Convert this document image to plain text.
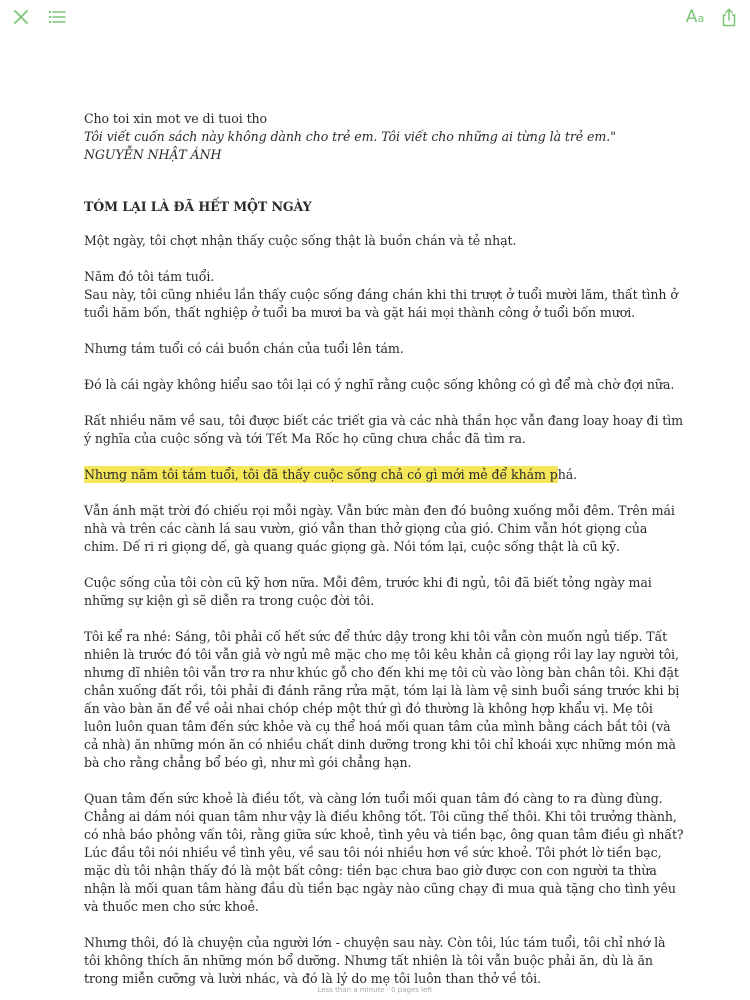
Aa

Cho toi xin mot ve di tuoi tho
Tôi viết cuốn sách này không dành cho trẻ em. Tôi viết cho những ai từng là trẻ em."
NGUYỄN NHẬT ÁNH

TÓM LẠI LÀ ĐÃ HẾT MỘT NGÀY

Một ngày, tôi chợt nhận thấy cuộc sống thật là buồn chán và tẻ nhạt.

Năm đó tôi tám tuổi.

Sau này, tôi cũng nhiều lần thấy cuộc sống đáng chán khi thi trượt ở tuổi mười lăm, thất tình ở tuổi hăm bốn, thất nghiệp ở tuổi ba mươi ba và gặt hái mọi thành công ở tuổi bốn mươi.

Nhưng tám tuổi có cái buồn chán của tuổi lên tám.

Đó là cái ngày không hiểu sao tôi lại có ý nghĩ rằng cuộc sống không có gì để mà chờ đợi nữa.

Rất nhiều năm về sau, tôi được biết các triết gia và các nhà thần học vẫn đang loay hoay đi tìm ý nghĩa của cuộc sống và tới Tết Ma Rốc họ cũng chưa chắc đã tìm ra.

Nhưng năm tôi tám tuổi, tôi đã thấy cuộc sống chả có gì mới mẻ để khám phá.

Vẫn ánh mặt trời đó chiếu rọi mỗi ngày. Vẫn bức màn đen đó buông xuống mỗi đêm. Trên mái nhà và trên các cành lá sau vườn, gió vẫn than thở giọng của gió. Chim vẫn hót giọng của chim. Dế ri ri giọng dế, gà quang quác giọng gà. Nói tóm lại, cuộc sống thật là cũ kỹ.

Cuộc sống của tôi còn cũ kỹ hơn nữa. Mỗi đêm, trước khi đi ngủ, tôi đã biết tỏng ngày mai những sự kiện gì sẽ diễn ra trong cuộc đời tôi.

Tôi kể ra nhé: Sáng, tôi phải cố hết sức để thức dậy trong khi tôi vẫn còn muốn ngủ tiếp. Tất nhiên là trước đó tôi vẫn giả vờ ngủ mê mặc cho mẹ tôi kêu khản cả giọng rồi lay lay người tôi, nhưng dĩ nhiên tôi vẫn trơ ra như khúc gỗ cho đến khi mẹ tôi cù vào lòng bàn chân tôi. Khi đặt chân xuống đất rồi, tôi phải đi đánh răng rửa mặt, tóm lại là làm vệ sinh buổi sáng trước khi bị ấn vào bàn ăn để về oải nhai chóp chép một thứ gì đó thường là không hợp khẩu vị. Mẹ tôi luôn luôn quan tâm đến sức khỏe và cụ thể hoá mối quan tâm của mình bằng cách bắt tôi (và cả nhà) ăn những món ăn có nhiều chất dinh dưỡng trong khi tôi chỉ khoái xực những món mà bà cho rằng chẳng bổ béo gì, như mì gói chẳng hạn.

Quan tâm đến sức khoẻ là điều tốt, và càng lớn tuổi mối quan tâm đó càng to ra đùng đùng. Chẳng ai dám nói quan tâm như vậy là điều không tốt. Tôi cũng thế thôi. Khi tôi trưởng thành, có nhà báo phỏng vấn tôi, rằng giữa sức khoẻ, tình yêu và tiền bạc, ông quan tâm điều gì nhất? Lúc đầu tôi nói nhiều về tình yêu, về sau tôi nói nhiều hơn về sức khoẻ. Tôi phớt lờ tiền bạc, mặc dù tôi nhận thấy đó là một bất công: tiền bạc chưa bao giờ được con con người ta thừa nhận là mối quan tâm hàng đầu dù tiền bạc ngày nào cũng chạy đi mua quà tặng cho tình yêu và thuốc men cho sức khoẻ.

Nhưng thôi, đó là chuyện của người lớn - chuyện sau này. Còn tôi, lúc tám tuổi, tôi chỉ nhớ là tôi không thích ăn những món bổ dưỡng. Nhưng tất nhiên là tôi vẫn buộc phải ăn, dù là ăn trong miễn cưỡng và lười nhác, và đó là lý do mẹ tôi luôn than thở về tôi.

Less than a minute · 0 pages left
